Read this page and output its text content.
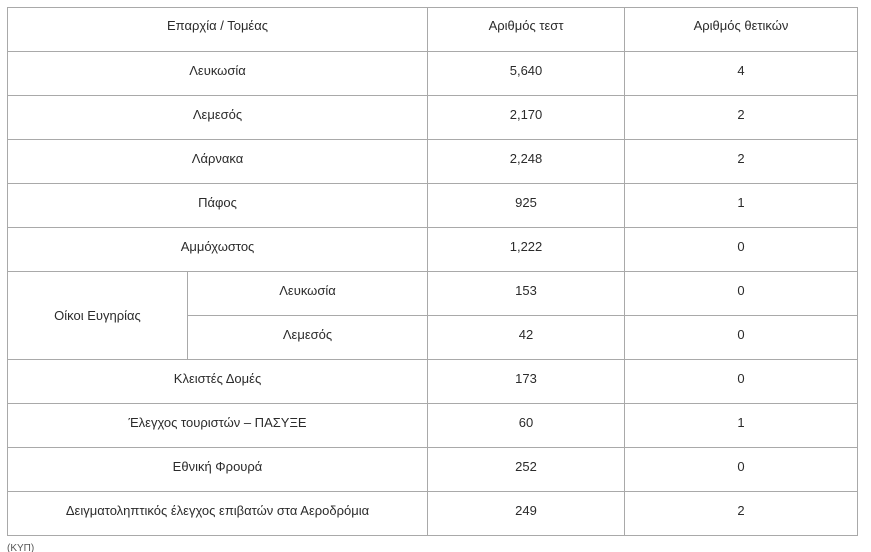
Επαρχία / Τομέας		Αριθμός τεστ	Αριθμός θετικών
Λευκωσία		5,640	4
Λεμεσός		2,170	2
Λάρνακα		2,248	2
Πάφος		925	1
Αμμόχωστος		1,222	0
Οίκοι Ευγηρίας	Λευκωσία	153	0
	Λεμεσός	42	0
Κλειστές Δομές		173	0
Έλεγχος τουριστών – ΠΑΣΥΞΕ		60	1
Εθνική Φρουρά		252	0
Δειγματοληπτικός έλεγχος επιβατών στα Αεροδρόμια		249	2
(ΚΥΠ)
